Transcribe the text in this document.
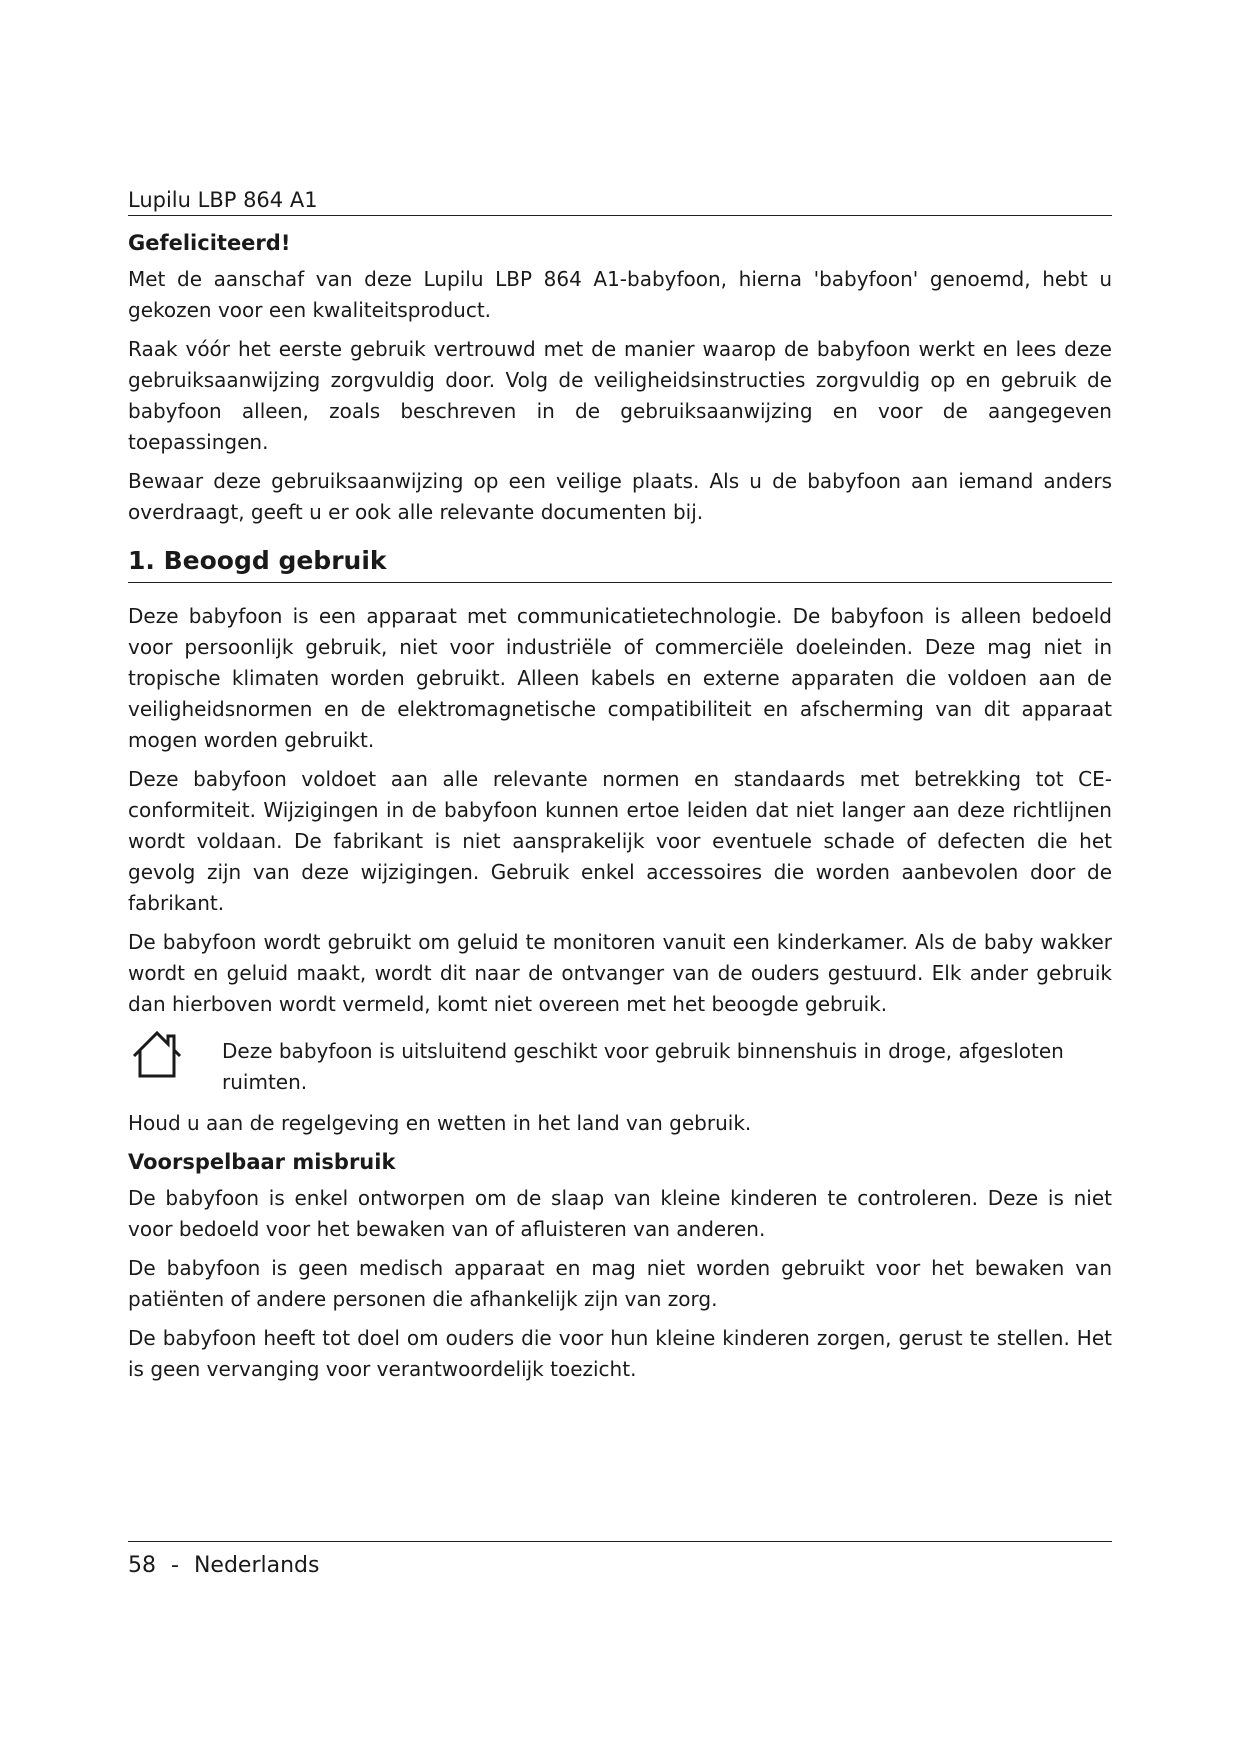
Lupilu LBP 864 A1
Gefeliciteerd!

Met de aanschaf van deze Lupilu LBP 864 A1-babyfoon, hierna 'babyfoon' genoemd, hebt u gekozen voor een kwaliteitsproduct.

Raak vóór het eerste gebruik vertrouwd met de manier waarop de babyfoon werkt en lees deze gebruiksaanwijzing zorgvuldig door. Volg de veiligheidsinstructies zorgvuldig op en gebruik de babyfoon alleen, zoals beschreven in de gebruiksaanwijzing en voor de aangegeven toepassingen.

Bewaar deze gebruiksaanwijzing op een veilige plaats. Als u de babyfoon aan iemand anders overdraagt, geeft u er ook alle relevante documenten bij.

1. Beoogd gebruik

Deze babyfoon is een apparaat met communicatietechnologie. De babyfoon is alleen bedoeld voor persoonlijk gebruik, niet voor industriële of commerciële doeleinden. Deze mag niet in tropische klimaten worden gebruikt. Alleen kabels en externe apparaten die voldoen aan de veiligheidsnormen en de elektromagnetische compatibiliteit en afscherming van dit apparaat mogen worden gebruikt.

Deze babyfoon voldoet aan alle relevante normen en standaards met betrekking tot CE-conformiteit. Wijzigingen in de babyfoon kunnen ertoe leiden dat niet langer aan deze richtlijnen wordt voldaan. De fabrikant is niet aansprakelijk voor eventuele schade of defecten die het gevolg zijn van deze wijzigingen. Gebruik enkel accessoires die worden aanbevolen door de fabrikant.

De babyfoon wordt gebruikt om geluid te monitoren vanuit een kinderkamer. Als de baby wakker wordt en geluid maakt, wordt dit naar de ontvanger van de ouders gestuurd. Elk ander gebruik dan hierboven wordt vermeld, komt niet overeen met het beoogde gebruik.

Deze babyfoon is uitsluitend geschikt voor gebruik binnenshuis in droge, afgesloten ruimten.

Houd u aan de regelgeving en wetten in het land van gebruik.

Voorspelbaar misbruik

De babyfoon is enkel ontworpen om de slaap van kleine kinderen te controleren. Deze is niet voor bedoeld voor het bewaken van of afluisteren van anderen.

De babyfoon is geen medisch apparaat en mag niet worden gebruikt voor het bewaken van patiënten of andere personen die afhankelijk zijn van zorg.

De babyfoon heeft tot doel om ouders die voor hun kleine kinderen zorgen, gerust te stellen. Het is geen vervanging voor verantwoordelijk toezicht.

58 - Nederlands
